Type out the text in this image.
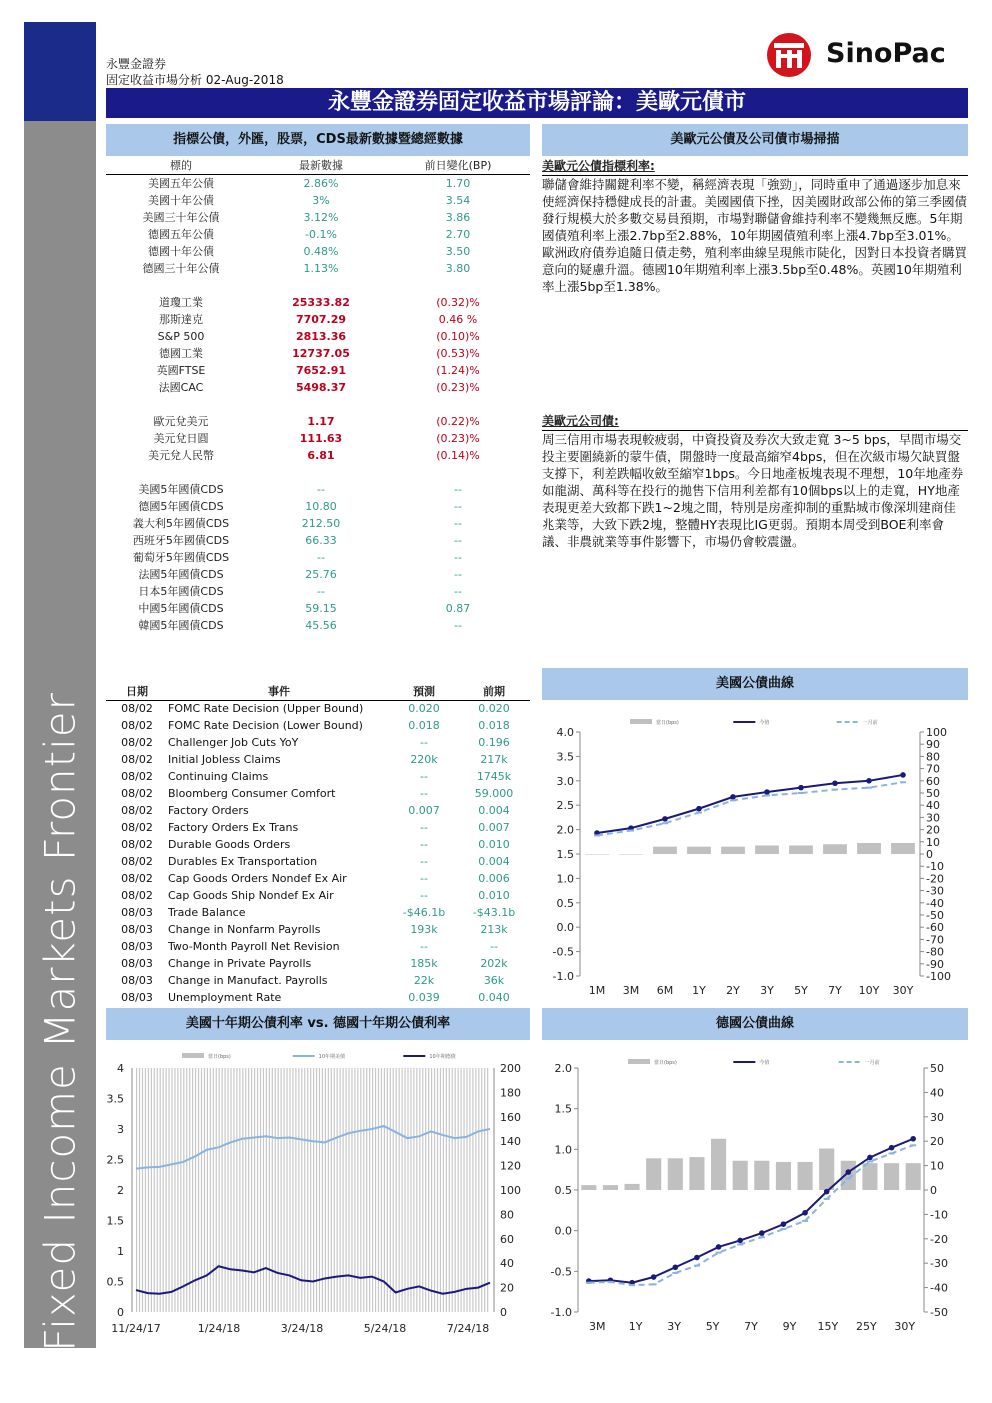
Fixed Income Markets Frontier
永豐金證券
固定收益市場分析 02-Aug-2018
SinoPac
永豐金證券固定收益市場評論：美歐元債市
指標公債，外匯，股票，CDS最新數據暨總經數據	美歐元公債及公司債市場掃描
標的	最新數據	前日變化(BP)
美國五年公債	2.86%	1.70
美國十年公債	3%	3.54
美國三十年公債	3.12%	3.86
德國五年公債	-0.1%	2.70
德國十年公債	0.48%	3.50
德國三十年公債	1.13%	3.80

道瓊工業	25333.82	(0.32)%
那斯達克	7707.29	0.46 %
S&P 500	2813.36	(0.10)%
德國工業	12737.05	(0.53)%
英國FTSE	7652.91	(1.24)%
法國CAC	5498.37	(0.23)%

歐元兌美元	1.17	(0.22)%
美元兌日圓	111.63	(0.23)%
美元兌人民幣	6.81	(0.14)%

美國5年國債CDS	--	--
德國5年國債CDS	10.80	--
義大利5年國債CDS	212.50	--
西班牙5年國債CDS	66.33	--
葡萄牙5年國債CDS	--	--
法國5年國債CDS	25.76	--
日本5年國債CDS	--	--
中國5年國債CDS	59.15	0.87
韓國5年國債CDS	45.56	--
美歐元公債指標利率:
聯儲會維持關鍵利率不變，稱經濟表現「強勁」，同時重申了通過逐步加息來使經濟保持穩健成長的計畫。美國國債下挫，因美國財政部公佈的第三季國債發行規模大於多數交易員預期，市場對聯儲會維持利率不變幾無反應。5年期國債殖利率上漲2.7bp至2.88%，10年期國債殖利率上漲4.7bp至3.01%。歐洲政府債券追隨日債走勢，殖利率曲線呈現熊市陡化，因對日本投資者購買意向的疑慮升溫。德國10年期殖利率上漲3.5bp至0.48%。英國10年期殖利率上漲5bp至1.38%。
美歐元公司債:
周三信用市場表現較疲弱，中資投資及券次大致走寬 3~5 bps，早間市場交投主要圍繞新的蒙牛債，開盤時一度最高縮窄4bps，但在次級市場欠缺買盤支撐下，利差跌幅收斂至縮窄1bps。今日地產板塊表現不理想，10年地產券如龍湖、萬科等在投行的拋售下信用利差都有10個bps以上的走寬，HY地產表現更差大致都下跌1~2塊之間，特別是房產抑制的重點城市像深圳建商佳兆業等，大致下跌2塊，整體HY表現比IG更弱。預期本周受到BOE利率會議、非農就業等事件影響下，市場仍會較震盪。
日期	事件	預測	前期
08/02	FOMC Rate Decision (Upper Bound)	0.020	0.020
08/02	FOMC Rate Decision (Lower Bound)	0.018	0.018
08/02	Challenger Job Cuts YoY	--	0.196
08/02	Initial Jobless Claims	220k	217k
08/02	Continuing Claims	--	1745k
08/02	Bloomberg Consumer Comfort	--	59.000
08/02	Factory Orders	0.007	0.004
08/02	Factory Orders Ex Trans	--	0.007
08/02	Durable Goods Orders	--	0.010
08/02	Durables Ex Transportation	--	0.004
08/02	Cap Goods Orders Nondef Ex Air	--	0.006
08/02	Cap Goods Ship Nondef Ex Air	--	0.010
08/03	Trade Balance	-$46.1b	-$43.1b
08/03	Change in Nonfarm Payrolls	193k	213k
08/03	Two-Month Payroll Net Revision	--	--
08/03	Change in Private Payrolls	185k	202k
08/03	Change in Manufact. Payrolls	22k	36k
08/03	Unemployment Rate	0.039	0.040
美國公債曲線
美國十年期公債利率 vs. 德國十年期公債利率	德國公債曲線
當日(bps)	今值	一月前
4.0
3.5
3.0
2.5
2.0
1.5
1.0
0.5
0.0
-0.5
-1.0
100
90
80
70
60
50
40
30
20
10
0
-10
-20
-30
-40
-50
-60
-70
-80
-90
-100
1M 3M 6M 1Y 2Y 3Y 5Y 7Y 10Y 30Y
當日(bps)	10年期美債	10年期德債
4
3.5
3
2.5
2
1.5
1
0.5
0
200
180
160
140
120
100
80
60
40
20
0
11/24/17	1/24/18	3/24/18	5/24/18	7/24/18
當日(bps)	今值	一月前
2.0
1.5
1.0
0.5
0.0
-0.5
-1.0
50
40
30
20
10
0
-10
-20
-30
-40
-50
3M 1Y 3Y 5Y 7Y 9Y 15Y 25Y 30Y
